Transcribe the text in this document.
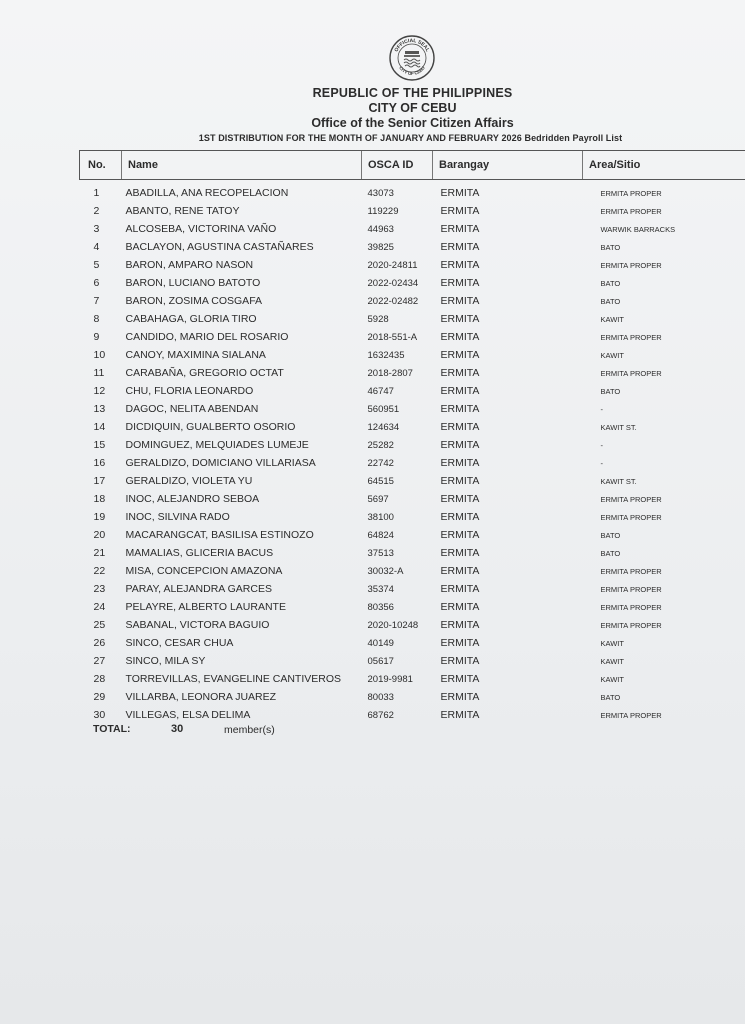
OFFICIAL SEAL
CITY OF CEBU
REPUBLIC OF THE PHILIPPINES
CITY OF CEBU
Office of the Senior Citizen Affairs
1ST DISTRIBUTION FOR THE MONTH OF JANUARY AND FEBRUARY 2026 Bedridden Payroll List
No.	Name	OSCA ID	Barangay	Area/Sitio
1	ABADILLA, ANA RECOPELACION	43073	ERMITA	ERMITA PROPER
2	ABANTO, RENE TATOY	119229	ERMITA	ERMITA PROPER
3	ALCOSEBA, VICTORINA VAÑO	44963	ERMITA	WARWIK BARRACKS
4	BACLAYON, AGUSTINA CASTAÑARES	39825	ERMITA	BATO
5	BARON, AMPARO NASON	2020-24811	ERMITA	ERMITA PROPER
6	BARON, LUCIANO BATOTO	2022-02434	ERMITA	BATO
7	BARON, ZOSIMA COSGAFA	2022-02482	ERMITA	BATO
8	CABAHAGA, GLORIA TIRO	5928	ERMITA	KAWIT
9	CANDIDO, MARIO DEL ROSARIO	2018-551-A	ERMITA	ERMITA PROPER
10	CANOY, MAXIMINA SIALANA	1632435	ERMITA	KAWIT
11	CARABAÑA, GREGORIO OCTAT	2018-2807	ERMITA	ERMITA PROPER
12	CHU, FLORIA LEONARDO	46747	ERMITA	BATO
13	DAGOC, NELITA ABENDAN	560951	ERMITA	-
14	DICDIQUIN, GUALBERTO OSORIO	124634	ERMITA	KAWIT ST.
15	DOMINGUEZ, MELQUIADES LUMEJE	25282	ERMITA	-
16	GERALDIZO, DOMICIANO VILLARIASA	22742	ERMITA	-
17	GERALDIZO, VIOLETA YU	64515	ERMITA	KAWIT ST.
18	INOC, ALEJANDRO SEBOA	5697	ERMITA	ERMITA PROPER
19	INOC, SILVINA RADO	38100	ERMITA	ERMITA PROPER
20	MACARANGCAT, BASILISA ESTINOZO	64824	ERMITA	BATO
21	MAMALIAS, GLICERIA BACUS	37513	ERMITA	BATO
22	MISA, CONCEPCION AMAZONA	30032-A	ERMITA	ERMITA PROPER
23	PARAY, ALEJANDRA GARCES	35374	ERMITA	ERMITA PROPER
24	PELAYRE, ALBERTO LAURANTE	80356	ERMITA	ERMITA PROPER
25	SABANAL, VICTORA BAGUIO	2020-10248	ERMITA	ERMITA PROPER
26	SINCO, CESAR CHUA	40149	ERMITA	KAWIT
27	SINCO, MILA SY	05617	ERMITA	KAWIT
28	TORREVILLAS, EVANGELINE CANTIVEROS	2019-9981	ERMITA	KAWIT
29	VILLARBA, LEONORA JUAREZ	80033	ERMITA	BATO
30	VILLEGAS, ELSA DELIMA	68762	ERMITA	ERMITA PROPER
TOTAL:	30	member(s)
